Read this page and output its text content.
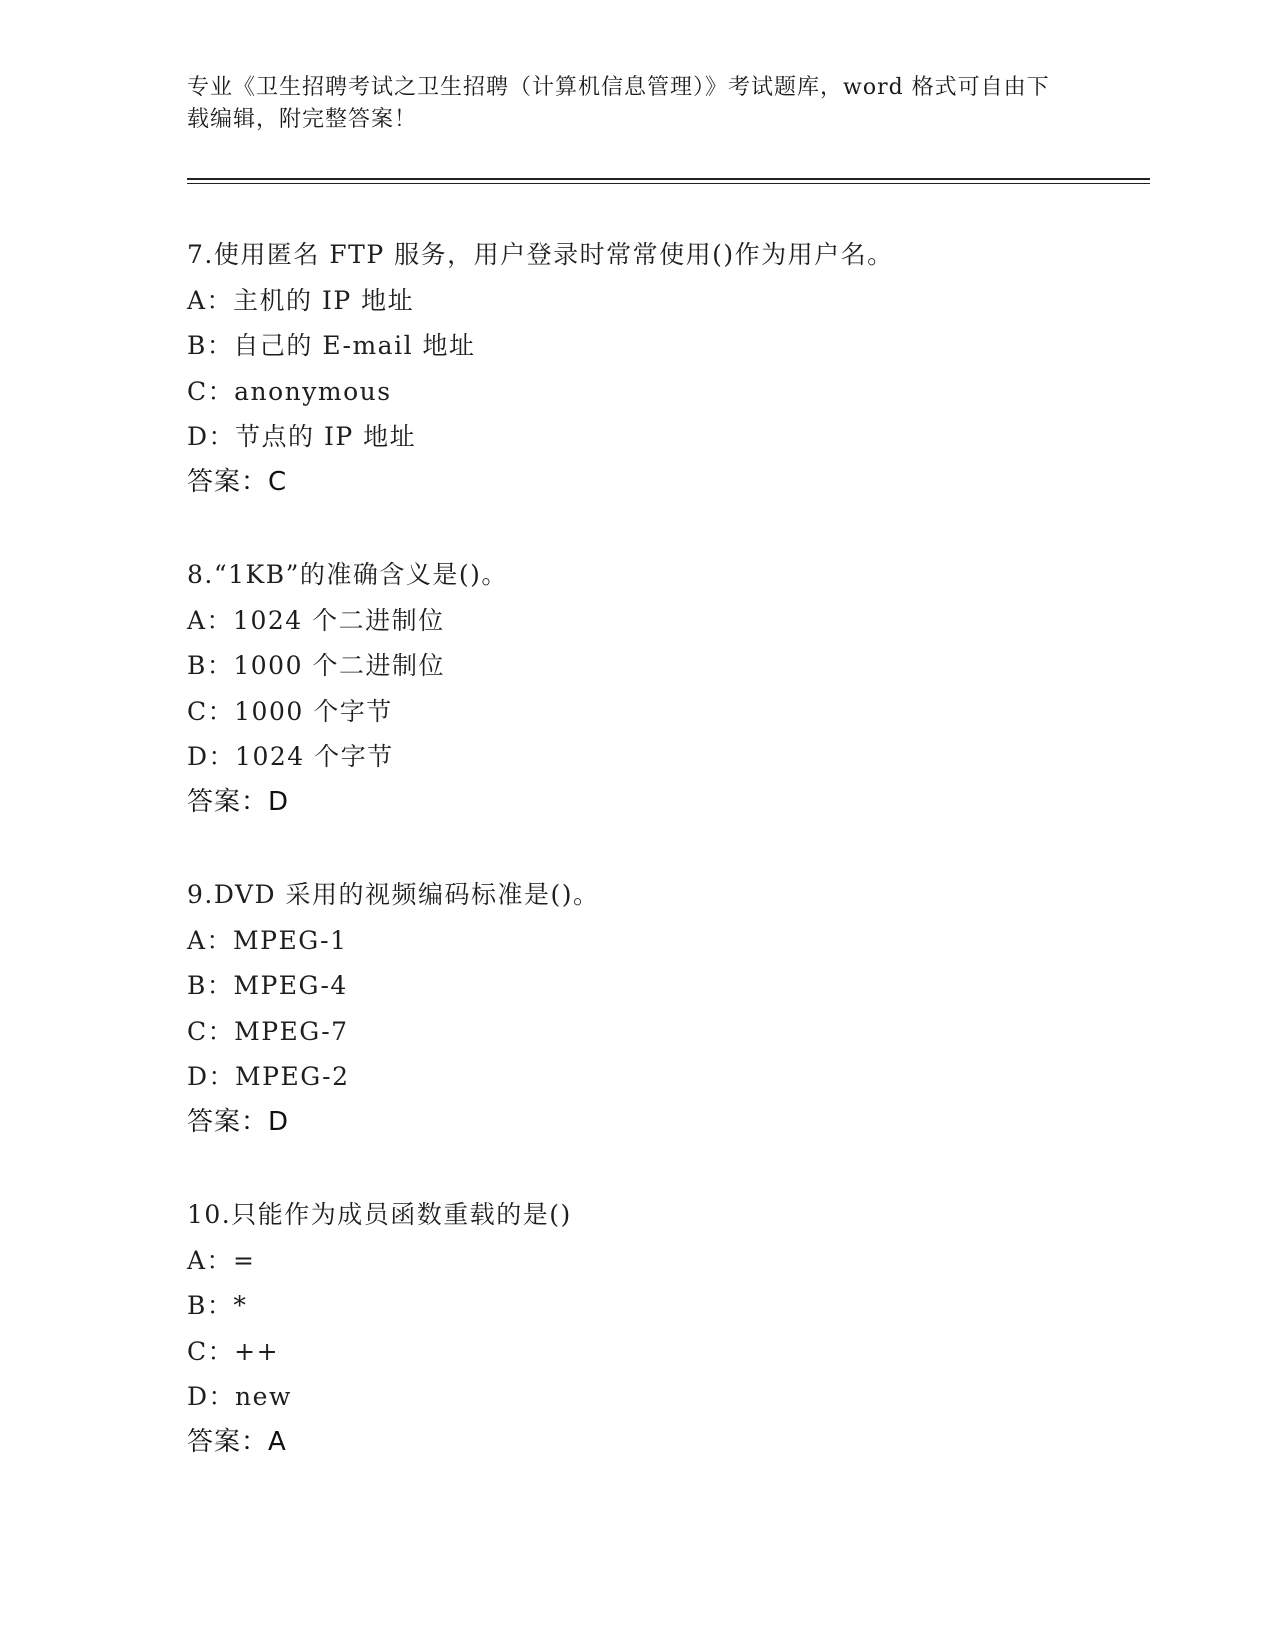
专业《卫生招聘考试之卫生招聘（计算机信息管理）》考试题库，word 格式可自由下载编辑，附完整答案！
7.使用匿名 FTP 服务，用户登录时常常使用()作为用户名。
A：主机的 IP 地址
B：自己的 E-mail 地址
C：anonymous
D：节点的 IP 地址
答案：C
8.“1KB”的准确含义是()。
A：1024 个二进制位
B：1000 个二进制位
C：1000 个字节
D：1024 个字节
答案：D
9.DVD 采用的视频编码标准是()。
A：MPEG-1
B：MPEG-4
C：MPEG-7
D：MPEG-2
答案：D
10.只能作为成员函数重载的是()
A：=
B：*
C：++
D：new
答案：A
